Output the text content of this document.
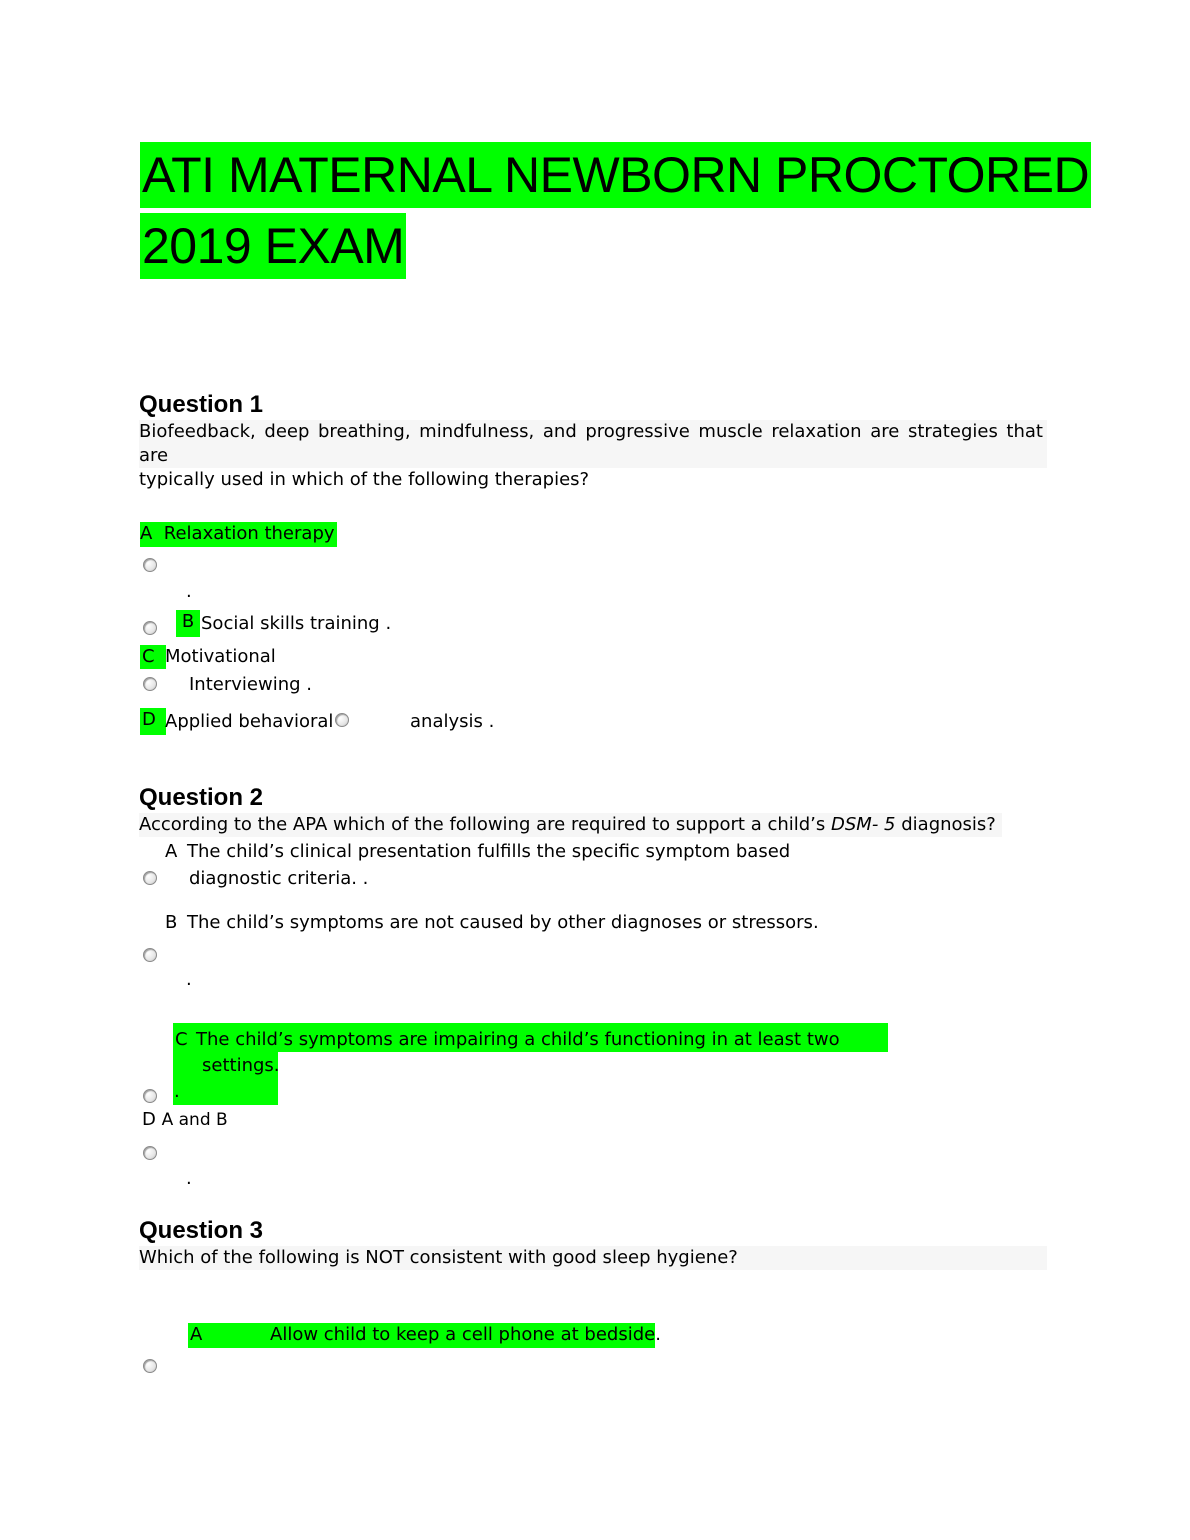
ATI MATERNAL NEWBORN PROCTORED
2019 EXAM
Question 1
Biofeedback, deep breathing, mindfulness, and progressive muscle relaxation are strategies that are
typically used in which of the following therapies?
A Relaxation therapy
.
B Social skills training .
C Motivational
Interviewing .
D Applied behavioral	analysis .
Question 2
According to the APA which of the following are required to support a child’s DSM- 5 diagnosis?
A The child’s clinical presentation fulfills the specific symptom based
diagnostic criteria. .
B The child’s symptoms are not caused by other diagnoses or stressors.
.
C The child’s symptoms are impairing a child’s functioning in at least two
settings.
.
D A and B
.
Question 3
Which of the following is NOT consistent with good sleep hygiene?
A	Allow child to keep a cell phone at bedside.
